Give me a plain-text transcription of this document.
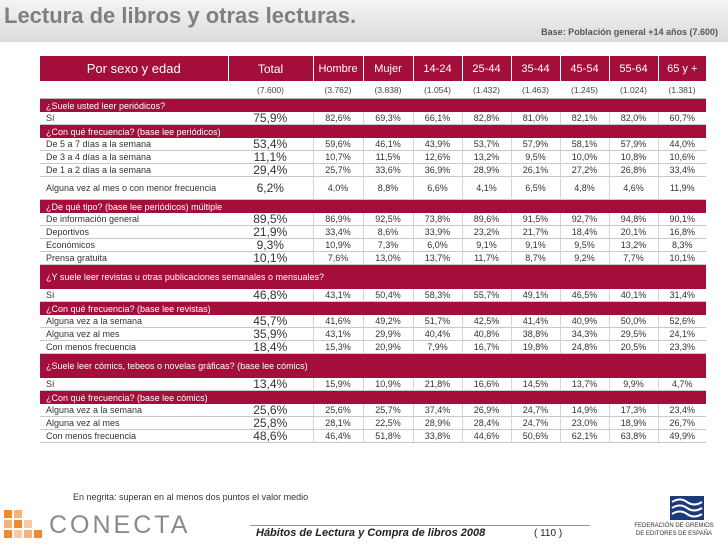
Lectura de libros y otras lecturas.
Base: Población general +14 años (7.600)
Por sexo y edad	Total	Hombre	Mujer	14-24	25-44	35-44	45-54	55-64	65 y +
	(7.600)	(3.762)	(3.838)	(1.054)	(1.432)	(1.463)	(1.245)	(1.024)	(1.381)
¿Suele usted leer periódicos?									
Sí	75,9%	82,6%	69,3%	66,1%	82,8%	81,0%	82,1%	82,0%	60,7%
¿Con qué frecuencia? (base lee periódicos)									
De 5 a 7 días a la semana	53,4%	59,6%	46,1%	43,9%	53,7%	57,9%	58,1%	57,9%	44,0%
De 3 a 4 días a la semana	11,1%	10,7%	11,5%	12,6%	13,2%	9,5%	10,0%	10,8%	10,6%
De 1 a 2 días a la semana	29,4%	25,7%	33,6%	36,9%	28,9%	26,1%	27,2%	26,8%	33,4%
Alguna vez al mes o con menor frecuencia	6,2%	4,0%	8,8%	6,6%	4,1%	6,5%	4,8%	4,6%	11,9%
¿De qué tipo? (base lee periódicos) múltiple									
De información general	89,5%	86,9%	92,5%	73,8%	89,6%	91,5%	92,7%	94,8%	90,1%
Deportivos	21,9%	33,4%	8,6%	33,9%	23,2%	21,7%	18,4%	20,1%	16,8%
Económicos	9,3%	10,9%	7,3%	6,0%	9,1%	9,1%	9,5%	13,2%	8,3%
Prensa gratuita	10,1%	7,6%	13,0%	13,7%	11,7%	8,7%	9,2%	7,7%	10,1%
¿Y suele leer revistas u otras publicaciones semanales o mensuales?									
Sí	46,8%	43,1%	50,4%	58,3%	55,7%	49,1%	46,5%	40,1%	31,4%
¿Con qué frecuencia? (base lee revistas)									
Alguna vez a la semana	45,7%	41,6%	49,2%	51,7%	42,5%	41,4%	40,9%	50,0%	52,6%
Alguna vez al mes	35,9%	43,1%	29,9%	40,4%	40,8%	38,8%	34,3%	29,5%	24,1%
Con menos frecuencia	18,4%	15,3%	20,9%	7,9%	16,7%	19,8%	24,8%	20,5%	23,3%
¿Suele leer cómics, tebeos o novelas gráficas? (base lee cómics)									
Sí	13,4%	15,9%	10,9%	21,8%	16,6%	14,5%	13,7%	9,9%	4,7%
¿Con qué frecuencia? (base lee cómics)									
Alguna vez a la semana	25,6%	25,6%	25,7%	37,4%	26,9%	24,7%	14,9%	17,3%	23,4%
Alguna vez al mes	25,8%	28,1%	22,5%	28,9%	28,4%	24,7%	23,0%	18,9%	26,7%
Con menos frecuencia	48,6%	46,4%	51,8%	33,8%	44,6%	50,6%	62,1%	63,8%	49,9%
En negrita: superan en al menos dos puntos el valor medio
CONECTA	Hábitos de Lectura y Compra de libros 2008	( 110 )
FEDERACIÓN DE GREMIOS
DE EDITORES DE ESPAÑA
